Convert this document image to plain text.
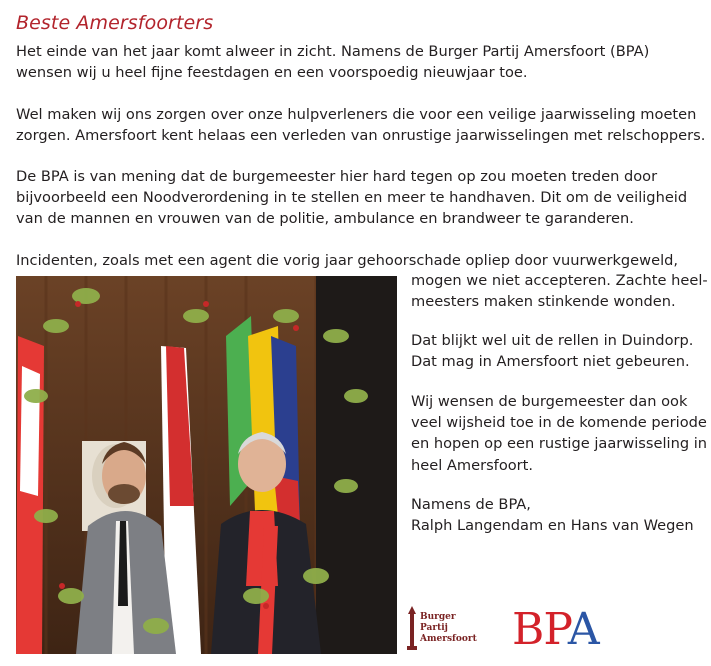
Beste Amersfoorters
Het einde van het jaar komt alweer in zicht. Namens de Burger Partij Amersfoort (BPA)
wensen wij u heel fijne feestdagen en een voorspoedig nieuwjaar toe.
Wel maken wij ons zorgen over onze hulpverleners die voor een veilige jaarwisseling moeten
zorgen. Amersfoort kent helaas een verleden van onrustige jaarwisselingen met relschoppers.
De BPA is van mening dat de burgemeester hier hard tegen op zou moeten treden door
bijvoorbeeld een Noodverordening in te stellen en meer te handhaven. Dit om de veiligheid
van de mannen en vrouwen van de politie, ambulance en brandweer te garanderen.
Incidenten, zoals met een agent die vorig jaar gehoorschade opliep door vuurwerkgeweld,
mogen we niet accepteren. Zachte heel-
meesters maken stinkende wonden.
Dat blijkt wel uit de rellen in Duindorp.
Dat mag in Amersfoort niet gebeuren.
Wij wensen de burgemeester dan ook
veel wijsheid toe in de komende periode
en hopen op een rustige jaarwisseling in
heel Amersfoort.
Namens de BPA,
Ralph Langendam en Hans van Wegen
Burger
Partij
Amersfoort BPA
